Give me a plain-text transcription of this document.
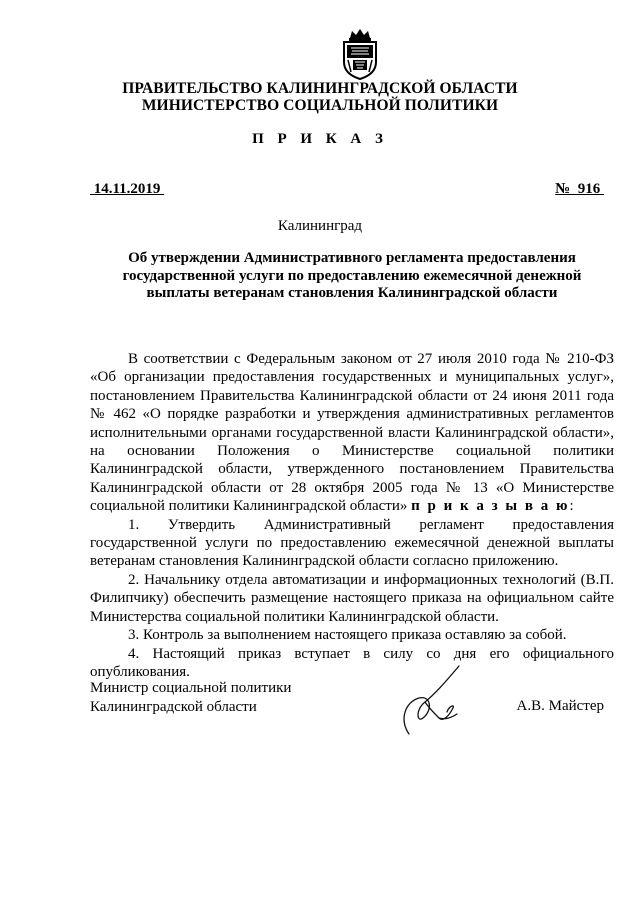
ПРАВИТЕЛЬСТВО КАЛИНИНГРАДСКОЙ ОБЛАСТИ
МИНИСТЕРСТВО СОЦИАЛЬНОЙ ПОЛИТИКИ
П Р И К А З
14.11.2019	№  916
Калининград
Об утверждении Административного регламента предоставления государственной услуги по предоставлению ежемесячной денежной выплаты ветеранам становления Калининградской области

В соответствии с Федеральным законом от 27 июля 2010 года № 210-ФЗ «Об организации предоставления государственных и муниципальных услуг», постановлением Правительства Калининградской области от 24 июня 2011 года № 462 «О порядке разработки и утверждения административных регламентов исполнительными органами государственной власти Калининградской области», на основании Положения о Министерстве социальной политики Калининградской области, утвержденного постановлением Правительства Калининградской области от 28 октября 2005 года № 13 «О Министерстве социальной политики Калининградской области» п р и к а з ы в а ю:

1. Утвердить Административный регламент предоставления государственной услуги по предоставлению ежемесячной денежной выплаты ветеранам становления Калининградской области согласно приложению.

2. Начальнику отдела автоматизации и информационных технологий (В.П. Филипчику) обеспечить размещение настоящего приказа на официальном сайте Министерства социальной политики Калининградской области.

3. Контроль за выполнением настоящего приказа оставляю за собой.

4. Настоящий приказ вступает в силу со дня его официального опубликования.

Министр социальной политики
Калининградской области	А.В. Майстер
